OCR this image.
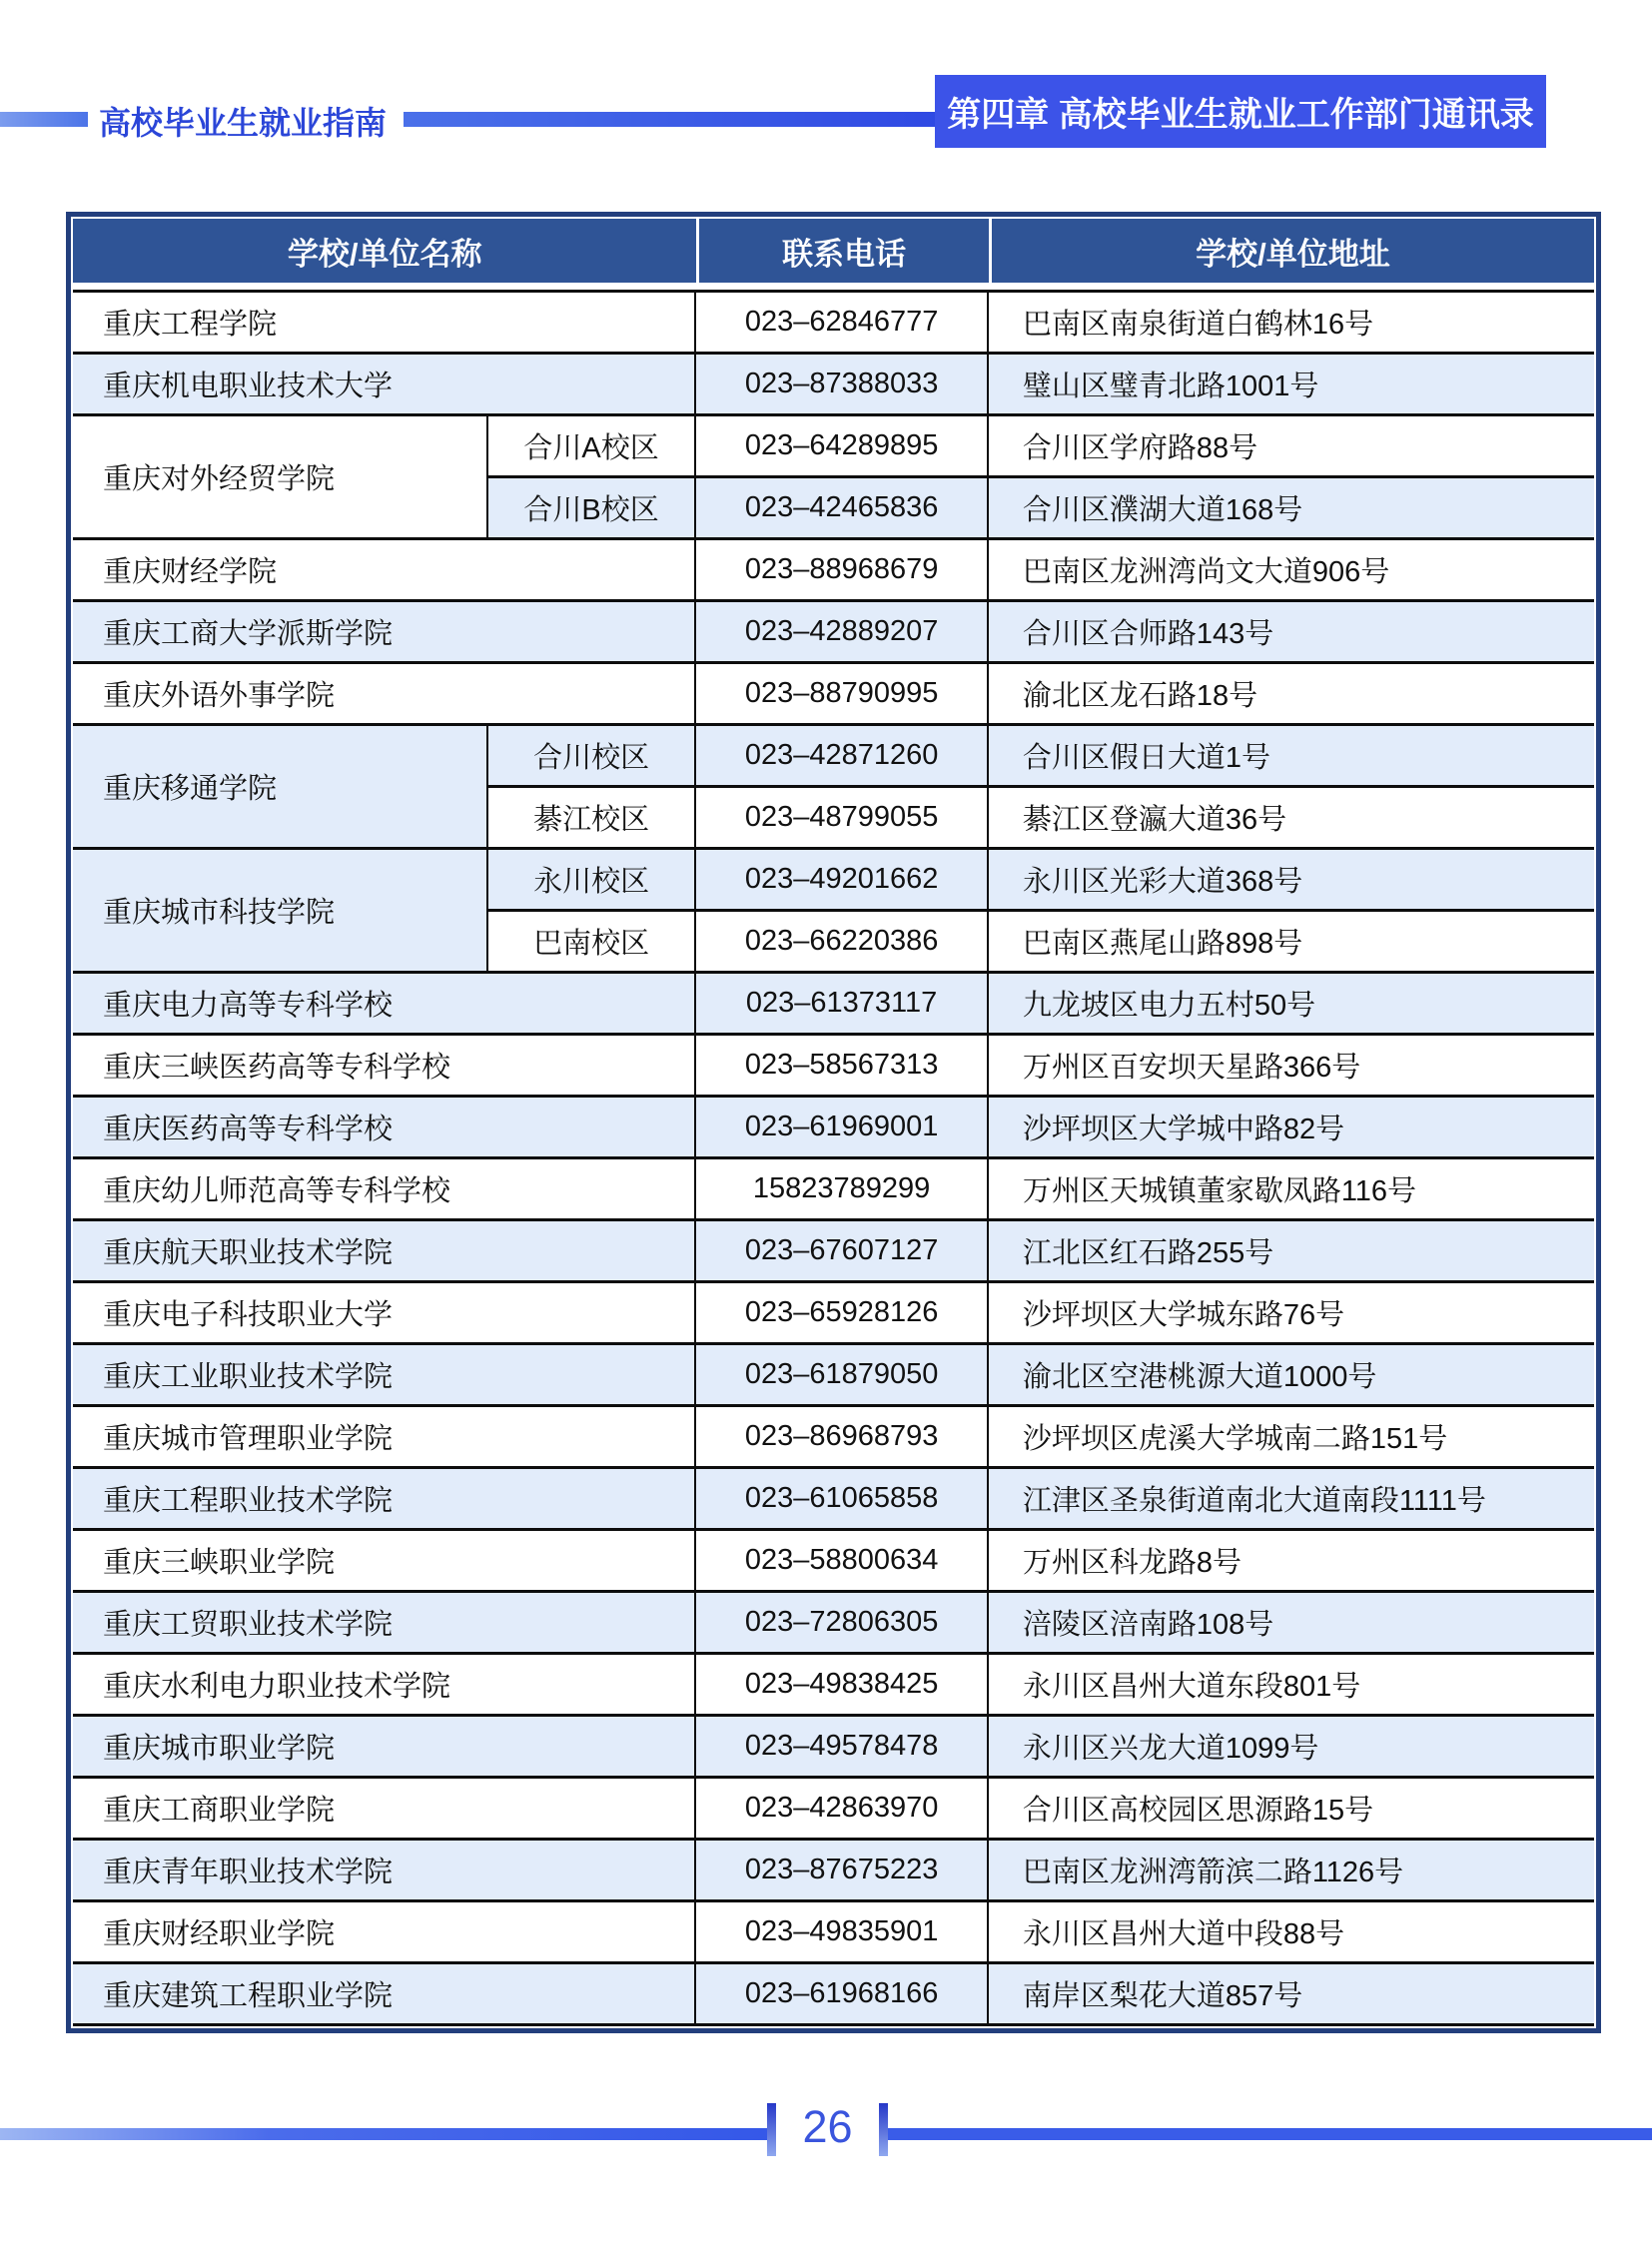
高校毕业生就业指南	第四章 高校毕业生就业工作部门通讯录
学校/单位名称		联系电话	学校/单位地址
重庆工程学院		023–62846777	巴南区南泉街道白鹤林16号
重庆机电职业技术大学		023–87388033	璧山区璧青北路1001号
重庆对外经贸学院	合川A校区	023–64289895	合川区学府路88号
	合川B校区	023–42465836	合川区濮湖大道168号
重庆财经学院		023–88968679	巴南区龙洲湾尚文大道906号
重庆工商大学派斯学院		023–42889207	合川区合师路143号
重庆外语外事学院		023–88790995	渝北区龙石路18号
重庆移通学院	合川校区	023–42871260	合川区假日大道1号
	綦江校区	023–48799055	綦江区登瀛大道36号
重庆城市科技学院	永川校区	023–49201662	永川区光彩大道368号
	巴南校区	023–66220386	巴南区燕尾山路898号
重庆电力高等专科学校		023–61373117	九龙坡区电力五村50号
重庆三峡医药高等专科学校		023–58567313	万州区百安坝天星路366号
重庆医药高等专科学校		023–61969001	沙坪坝区大学城中路82号
重庆幼儿师范高等专科学校		15823789299	万州区天城镇董家歇凤路116号
重庆航天职业技术学院		023–67607127	江北区红石路255号
重庆电子科技职业大学		023–65928126	沙坪坝区大学城东路76号
重庆工业职业技术学院		023–61879050	渝北区空港桃源大道1000号
重庆城市管理职业学院		023–86968793	沙坪坝区虎溪大学城南二路151号
重庆工程职业技术学院		023–61065858	江津区圣泉街道南北大道南段1111号
重庆三峡职业学院		023–58800634	万州区科龙路8号
重庆工贸职业技术学院		023–72806305	涪陵区涪南路108号
重庆水利电力职业技术学院		023–49838425	永川区昌州大道东段801号
重庆城市职业学院		023–49578478	永川区兴龙大道1099号
重庆工商职业学院		023–42863970	合川区高校园区思源路15号
重庆青年职业技术学院		023–87675223	巴南区龙洲湾箭滨二路1126号
重庆财经职业学院		023–49835901	永川区昌州大道中段88号
重庆建筑工程职业学院		023–61968166	南岸区梨花大道857号
26
